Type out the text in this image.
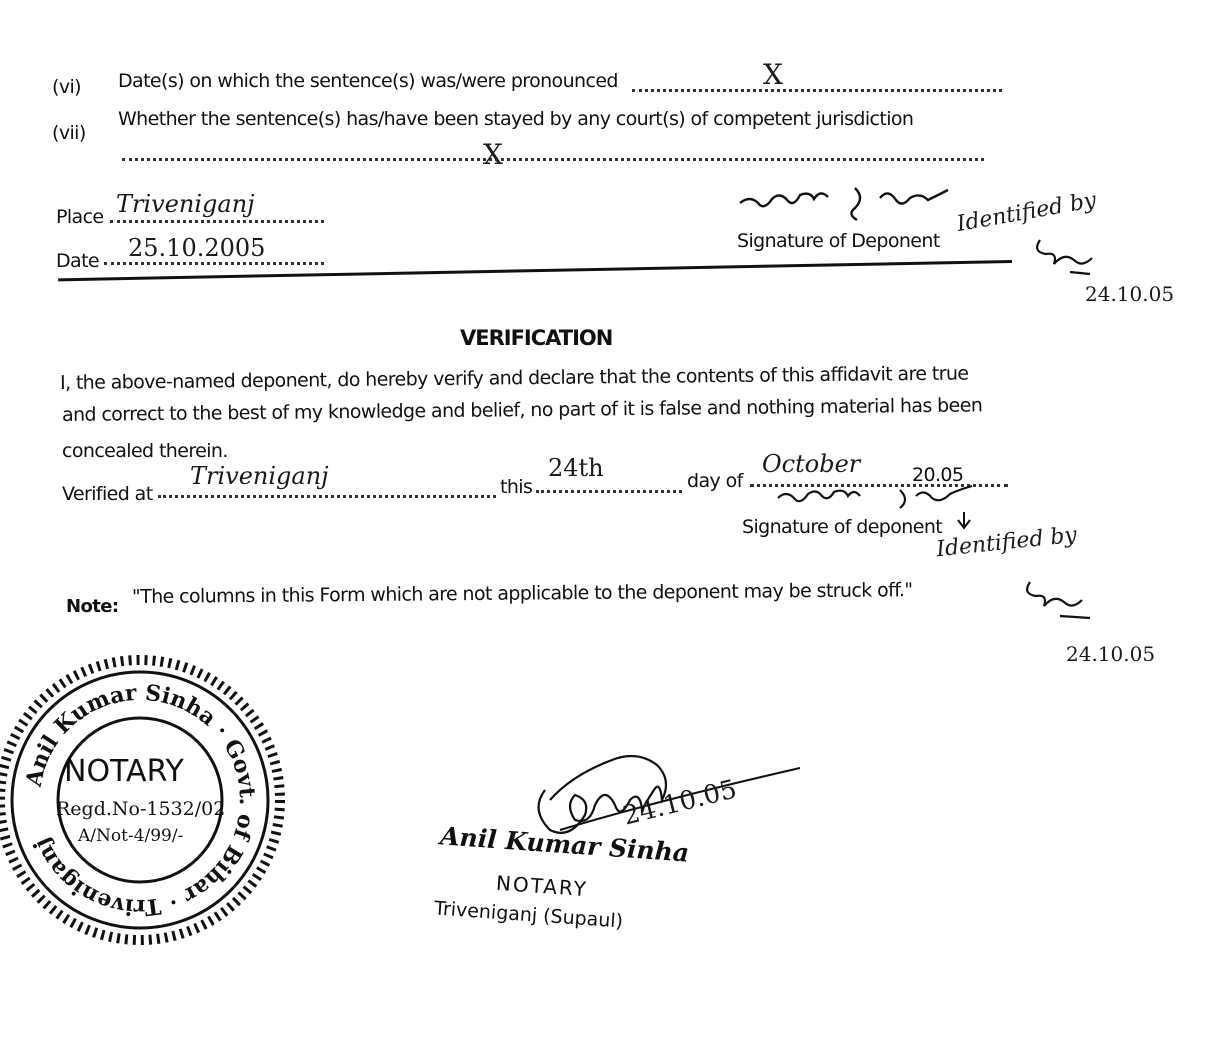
(vi) Date(s) on which the sentence(s) was/were pronounced	X
(vii)
Whether the sentence(s) has/have been stayed by any court(s) of competent jurisdiction
X
Place Triveniganj
Date 25.10.2005	Signature of Deponent
Identified by
24.10.05
VERIFICATION
I, the above-named deponent, do hereby verify and declare that the contents of this affidavit are true
and correct to the best of my knowledge and belief, no part of it is false and nothing material has been
concealed therein.
Verified at
Triveniganj	this
24th	day of
October	20.05
Signature of deponent
Identified by
24.10.05
Note: "The columns in this Form which are not applicable to the deponent may be struck off."
Anil Kumar Sinha · Govt. of Bihar · Triveniganj
NOTARY
Regd.No-1532/02
A/Not-4/99/-
24.10.05
Anil Kumar Sinha
NOTARY
Triveniganj (Supaul)
